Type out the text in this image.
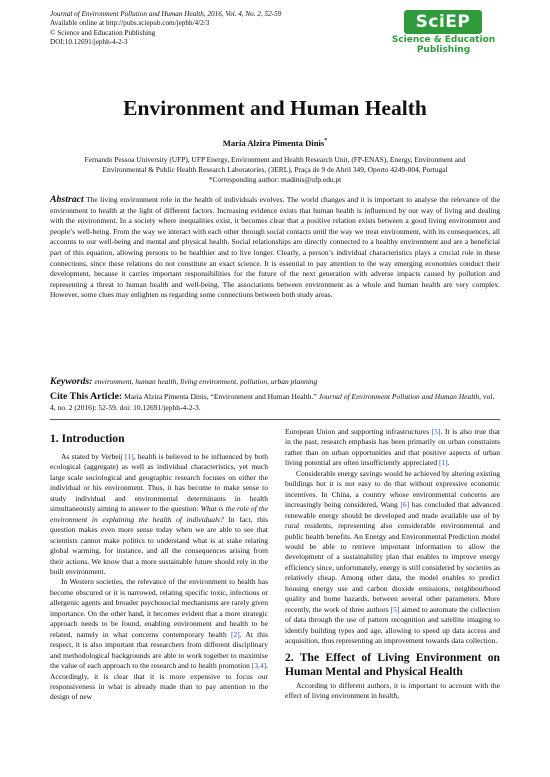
Journal of Environment Pollution and Human Health, 2016, Vol. 4, No. 2, 52-59
Available online at http://pubs.sciepub.com/jephh/4/2/3
© Science and Education Publishing
DOI:10.12691/jephh-4-2-3
SciEP
Science & Education
Publishing
Environment and Human Health
Maria Alzira Pimenta Dinis*
Fernando Pessoa University (UFP), UFP Energy, Environment and Health Research Unit, (FP-ENAS), Energy, Environment and
Environmental & Public Health Research Laboratories, (3ERL), Praça de 9 de Abril 349, Oporto 4249-004, Portugal
*Corresponding author: madinis@ufp.edu.pt
Abstract The living environment role in the health of individuals evolves. The world changes and it is important to analyse the relevance of the environment to health at the light of different factors. Increasing evidence exists that human health is influenced by our way of living and dealing with the environment. In a society where inequalities exist, it becomes clear that a positive relation exists between a good living environment and people’s well-being. From the way we interact with each other through social contacts until the way we treat environment, with its consequences, all accounts to our well-being and mental and physical health. Social relationships are directly connected to a healthy environment and are a beneficial part of this equation, allowing persons to be healthier and to live longer. Clearly, a person’s individual characteristics plays a crucial role in these connections, since these relations do not constitute an exact science. It is essential to pay attention to the way emerging economies conduct their development, because it carries important responsibilities for the future of the next generation with adverse impacts caused by pollution and representing a threat to human health and well-being. The associations between environment as a whole and human health are very complex. However, some clues may enlighten us regarding some connections between both study areas.
Keywords: environment, human health, living environment, pollution, urban planning
Cite This Article: Maria Alzira Pimenta Dinis, “Environment and Human Health.” Journal of Environment Pollution and Human Health, vol. 4, no. 2 (2016): 52-59. doi: 10.12691/jephh-4-2-3.
1. Introduction

As stated by Verbeij [1], health is believed to be influenced by both ecological (aggregate) as well as individual characteristics, yet much large scale sociological and geographic research focuses on either the individual or his environment. Thus, it has become to make sense to study individual and environmental determinants in health simultaneously aiming to answer to the question: What is the role of the environment in explaining the health of individuals? In fact, this question makes even more sense today when we are able to see that scientists cannot make politics to understand what is at stake relating global warming, for instance, and all the consequences arising from their actions. We know that a more sustainable future should rely in the built environment.

In Western societies, the relevance of the environment to health has become obscured or it is narrowed, relating specific toxic, infectious or allergenic agents and broader psychosocial mechanisms are rarely given importance. On the other hand, it becomes evident that a more strategic approach needs to be found, enabling environment and health to be related, namely in what concerns contemporary health [2]. At this respect, it is also important that researchers from different disciplinary and methodological backgrounds are able to work together to maximise the value of each approach to the research and to health promotion [3,4]. Accordingly, it is clear that it is more expensive to focus our responsiveness in what is already made than to pay attention to the design of new

European Union and supporting infrastructures [5]. It is also true that in the past, research emphasis has been primarily on urban constraints rather than on urban opportunities and that positive aspects of urban living potential are often insufficiently appreciated [1].

Considerable energy savings would be achieved by altering existing buildings but it is not easy to do that without expressive economic incentives. In China, a country whose environmental concerns are increasingly being considered, Wang [6] has concluded that advanced renewable energy should be developed and made available use of by rural residents, representing also considerable environmental and public health benefits. An Energy and Environmental Prediction model would be able to retrieve important information to allow the development of a sustainability plan that enables to improve energy efficiency since, unfortunately, energy is still considered by societies as relatively cheap. Among other data, the model enables to predict housing energy use and carbon dioxide emissions, neighbourhood quality and home hazards, between several other parameters. More recently, the work of three authors [5] aimed to automate the collection of data through the use of pattern recognition and satellite imaging to identify building types and age, allowing to speed up data access and acquisition, thus representing an improvement towards data collection.

2. The Effect of Living Environment on Human Mental and Physical Health

According to different authors, it is important to account with the effect of living environment in health,
